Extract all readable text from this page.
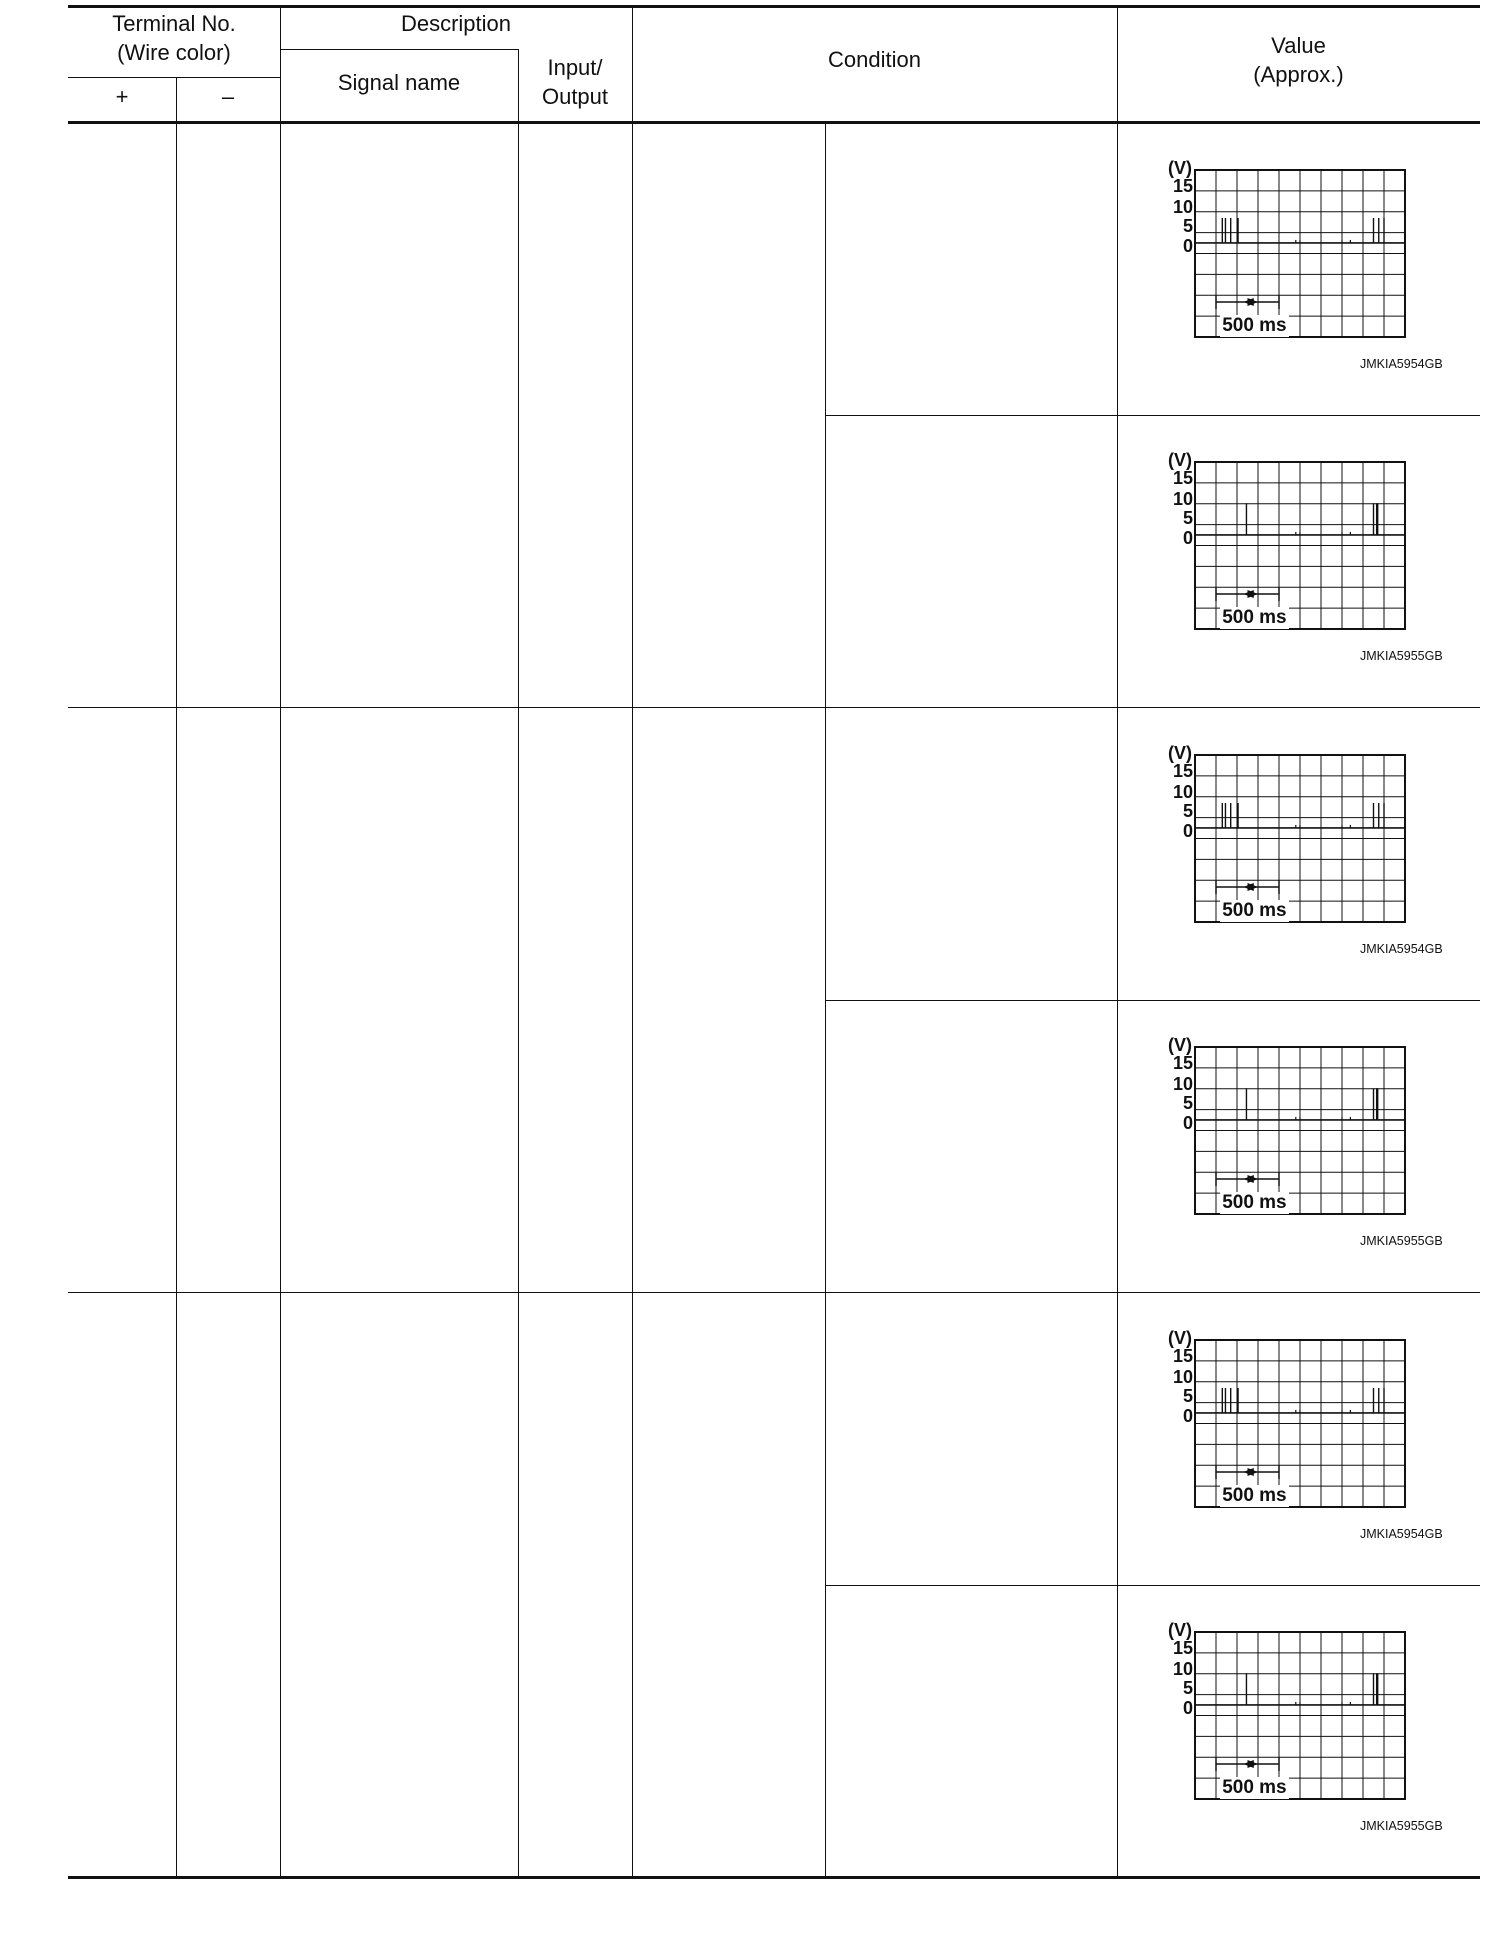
Terminal No.
(Wire color)
+	–
Description
Signal name
Input/
Output
Condition
Value
(Approx.)
(V)
15
10
5
0
500 ms
JMKIA5954GB
(V)
15
10
5
0
500 ms
JMKIA5955GB
(V)
15
10
5
0
500 ms
JMKIA5954GB
(V)
15
10
5
0
500 ms
JMKIA5955GB
(V)
15
10
5
0
500 ms
JMKIA5954GB
(V)
15
10
5
0
500 ms
JMKIA5955GB
